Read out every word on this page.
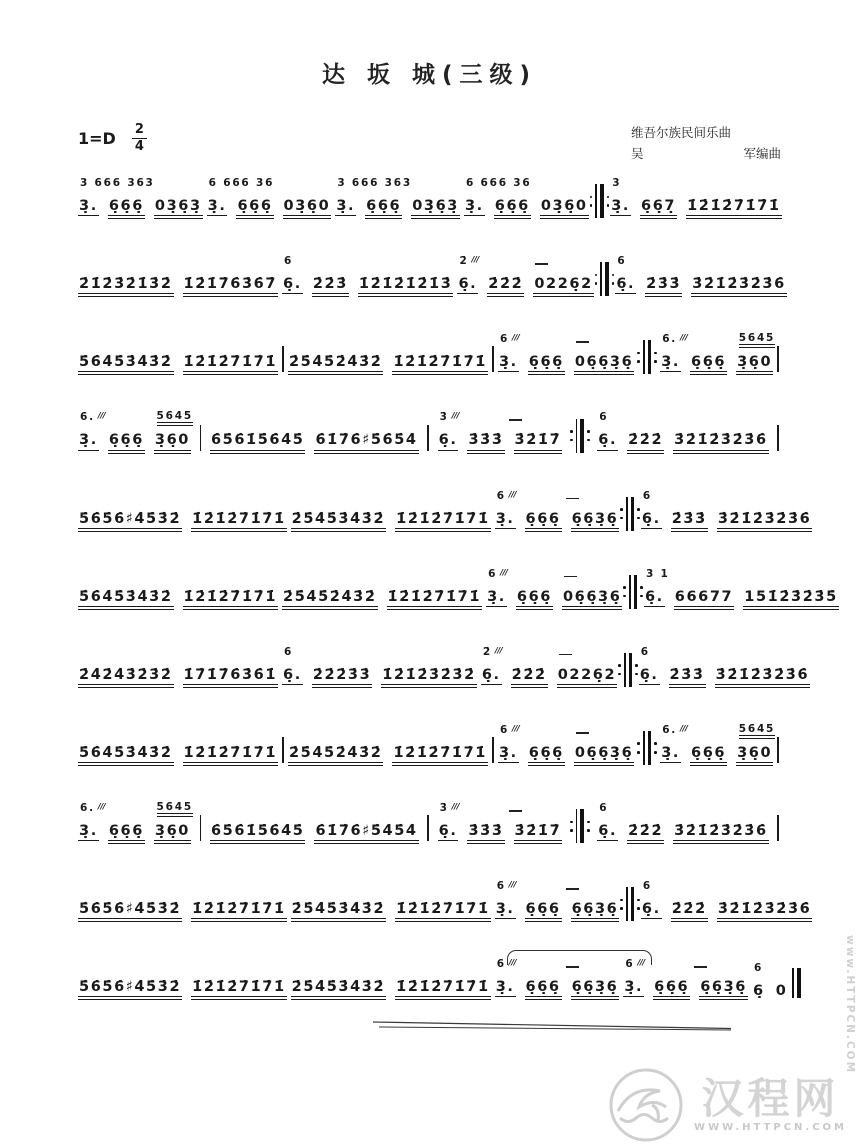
达 坂 城(三级)
$1=D \frac{2}{4}$	维吾尔族民间乐曲
吴	军编曲
3 666 363
3̣. 6̣6̣6̣ 03̣6̣3̣
6 666 36
3̣. 6̣6̣6̣ 03̣6̣0
3 666 363
3̣. 6̣6̣6̣ 03̣6̣3̣
6 666 36
3̣. 6̣6̣6̣ 03̣6̣0
3
3̣. 6̣6̣7̣ 1̇2̇1̇2̇7̇1̇7̇1̇
2̇1̇2̇3̇2̇1̇3̇2̇ 1̇2̇1̇7̇6̇3̇6̇7̇
6
6̣. 2̇2̇3̇ 1̇2̇1̇2̇1̇2̇1̇3̇
2̇ ///
6̣. 2̇2̇2̇ 0226̣2
6
6̣. 2̇3̇3̇ 3̇2̇1̇2̇3̇2̇3̇6̇
5̇6̇4̇5̇3̇4̇3̇2̇ 1̇2̇1̇2̇7̇1̇7̇1̇ 2̇5̇4̇5̇2̇4̇3̇2̇ 1̇2̇1̇2̇7̇1̇7̇1̇
6 ///
3̣. 6̣6̣6̣ 06̣6̣3̣6̣
6̇. ///	5̇6̇4̇5̇
3̣. 6̣6̣6̣ 3̣6̣0
6̇. ///	5̇6̇4̇5̇
3̣. 6̣6̣6̣ 3̣6̣0 6̇5̇6̇1̇5̇6̇4̇5̇ 6̇1̇7̇6̇♯5̇6̇5̇4̇
3̇ ///
6̣. 3̇3̇3̇ 3̇2̇1̇7̇
6
6̣. 2̇2̇2̇ 3̇2̇1̇2̇3̇2̇3̇6̇
5̇6̇5̇6̇♯4̇5̇3̇2̇ 1̇2̇1̇2̇7̇1̇7̇1̇ 2̇5̇4̇5̇3̇4̇3̇2̇ 1̇2̇1̇2̇7̇1̇7̇1̇
6 ///
3̣. 6̣6̣6̣ 6̣6̣3̣6̣
6
6̣. 2̇3̇3̇ 3̇2̇1̇2̇3̇2̇3̇6̇
5̇6̇4̇5̇3̇4̇3̇2̇ 1̇2̇1̇2̇7̇1̇7̇1̇ 2̇5̇4̇5̇2̇4̇3̇2̇ 1̇2̇1̇2̇7̇1̇7̇1̇
6 ///
3̣. 6̣6̣6̣ 06̣6̣3̣6̣
3 1
6̣. 66677 151̇2̇3̇2̇3̇5̇
2̇4̇2̇4̇3̇2̇3̇2̇ 1̇7̇1̇7̇6̇3̇6̇1̇
6
6̣. 2̇2̇2̇3̇3̇ 1̇2̇1̇2̇3̇2̇3̇2̇
2̇ ///
6̣. 2̇2̇2̇ 0226̣2
6
6̣. 2̇3̇3̇ 3̇2̇1̇2̇3̇2̇3̇6̇
5̇6̇4̇5̇3̇4̇3̇2̇ 1̇2̇1̇2̇7̇1̇7̇1̇ 2̇5̇4̇5̇2̇4̇3̇2̇ 1̇2̇1̇2̇7̇1̇7̇1̇
6 ///
3̣. 6̣6̣6̣ 06̣6̣3̣6̣
6̇. ///	5̇6̇4̇5̇
3̣. 6̣6̣6̣ 3̣6̣0
6̇. ///	5̇6̇4̇5̇
3̣. 6̣6̣6̣ 3̣6̣0 6̇5̇6̇1̇5̇6̇4̇5̇ 6̇1̇7̇6̇♯5̇4̇5̇4̇
3̇ ///
6̣. 3̇3̇3̇ 3̇2̇1̇7̇
6
6̣. 2̇2̇2̇ 3̇2̇1̇2̇3̇2̇3̇6̇
5̇6̇5̇6̇♯4̇5̇3̇2̇ 1̇2̇1̇2̇7̇1̇7̇1̇ 2̇5̇4̇5̇3̇4̇3̇2̇ 1̇2̇1̇2̇7̇1̇7̇1̇
6 ///
3̣. 6̣6̣6̣ 6̣6̣3̣6̣
6
6̣. 2̇2̇2̇ 3̇2̇1̇2̇3̇2̇3̇6̇
5̇6̇5̇6̇♯4̇5̇3̇2̇ 1̇2̇1̇2̇7̇1̇7̇1̇ 2̇5̇4̇5̇3̇4̇3̇2̇ 1̇2̇1̇2̇7̇1̇7̇1̇
6 ///
3̣. 6̣6̣6̣ 6̣6̣3̣6̣
6 ///
3̣. 6̣6̣6̣ 6̣6̣3̣6̣
6
6̣ 0
汉程网
WWW.HTTPCN.COM
www.HTTPCN.COM
